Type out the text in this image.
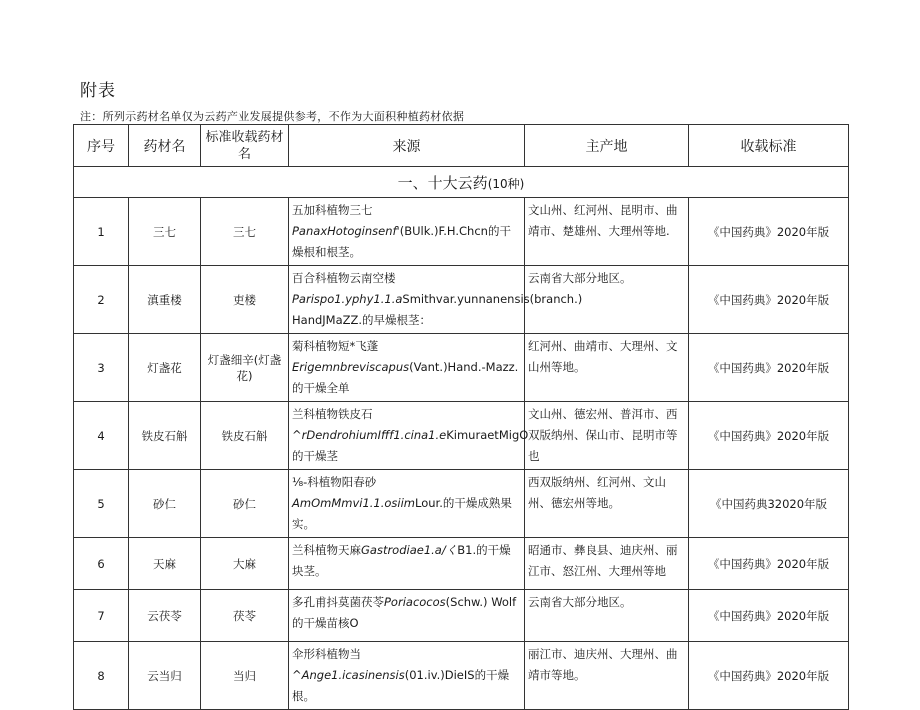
附表
注：所列示药材名单仅为云药产业发展提供参考，不作为大面积种植药材依据
序号	药材名	标准收载药材名	来源	主产地	收载标准
一、十大云药(10种)					
1	三七	三七	五加科植物三七PanaxHotoginsenf'(BUlk.)F.H.Chcn的干燥根和根茎。	文山州、红河州、昆明市、曲靖市、楚雄州、大理州等地.	《中国药典》2020年版
2	滇重楼	吏楼	百合科植物云南空楼Parispo1.yphy1.1.aSmithvar.yunnanensis(branch.) HandJMaZZ.的早燥根茎：	云南省大部分地区。	《中国药典》2020年版
3	灯盏花	灯盏细辛(灯盏花)	菊科植物短*飞蓬Erigemnbreviscapus(Vant.)Hand.-Mazz.的干燥全单	红河州、曲靖市、大理州、文山州等地。	《中国药典》2020年版
4	铁皮石斛	铁皮石斛	兰科植物铁皮石^rDendrohiumIfff1.cina1.eKimuraetMigO的干燥茎	文山州、德宏州、普洱市、西双版纳州、保山市、昆明市等也	《中国药典》2020年版
5	砂仁	砂仁	⅛-科植物阳春砂AmOmMmvi1.1.osiimLour.的干燥成熟果实。	西双版纳州、红河州、文山州、德宏州等地。	《中国药典32020年版
6	天麻	大麻	兰科植物天麻Gastrodiae1.a/くB1.的干燥块茎。	昭通市、彝良县、迪庆州、丽江市、怒江州、大理州等地	《中国药典》2020年版
7	云茯苓	茯苓	多孔甫抖莫菌茯苓Poriacocos(Schw.) Wolf的干燥苗核O	云南省大部分地区。	《中国药典》2020年版
8	云当归	当归	伞形科植物当 ^Ange1.icasinensis(01.iv.)DieIS的干燥根。	丽江市、迪庆州、大理州、曲靖市等地。	《中国药典》2020年版
